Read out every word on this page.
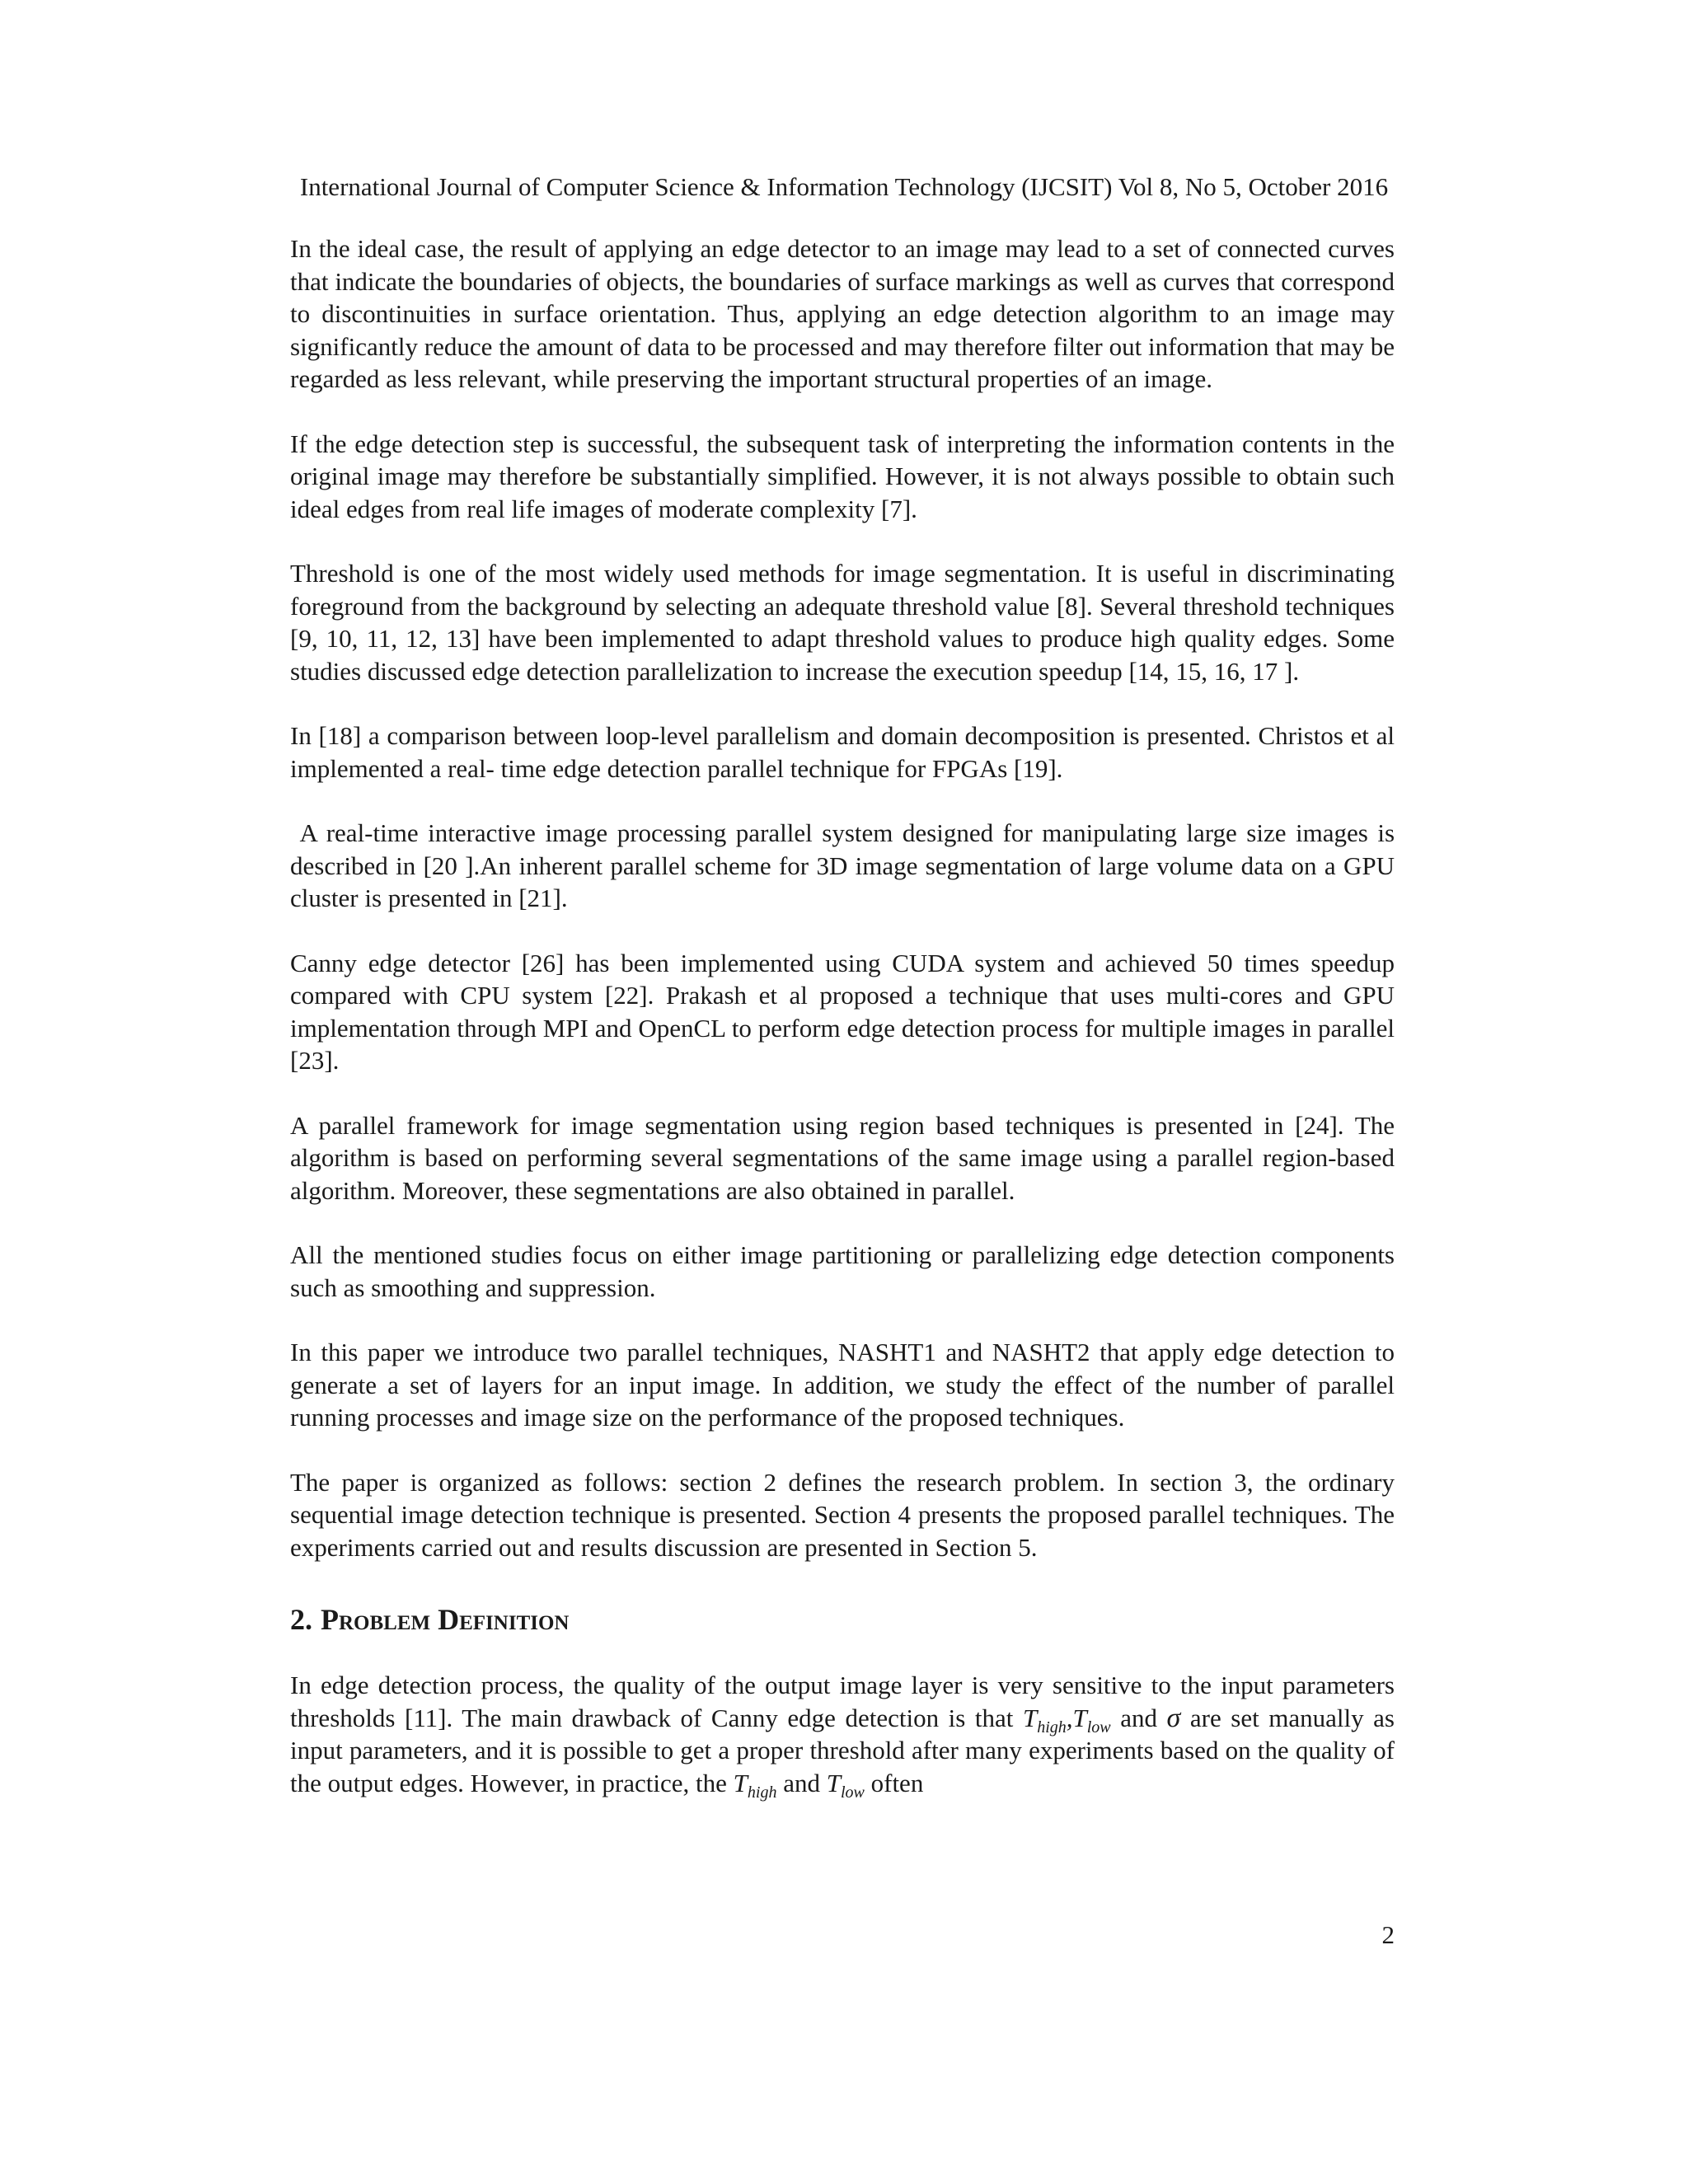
International Journal of Computer Science & Information Technology (IJCSIT) Vol 8, No 5, October 2016

In the ideal case, the result of applying an edge detector to an image may lead to a set of connected curves that indicate the boundaries of objects, the boundaries of surface markings as well as curves that correspond to discontinuities in surface orientation. Thus, applying an edge detection algorithm to an image may significantly reduce the amount of data to be processed and may therefore filter out information that may be regarded as less relevant, while preserving the important structural properties of an image.

If the edge detection step is successful, the subsequent task of interpreting the information contents in the original image may therefore be substantially simplified. However, it is not always possible to obtain such ideal edges from real life images of moderate complexity [7].

Threshold is one of the most widely used methods for image segmentation. It is useful in discriminating foreground from the background by selecting an adequate threshold value [8]. Several threshold techniques [9, 10, 11, 12, 13] have been implemented to adapt threshold values to produce high quality edges. Some studies discussed edge detection parallelization to increase the execution speedup [14, 15, 16, 17 ].

In [18] a comparison between loop-level parallelism and domain decomposition is presented. Christos et al implemented a real- time edge detection parallel technique for FPGAs [19].

A real-time interactive image processing parallel system designed for manipulating large size images is described in [20 ].An inherent parallel scheme for 3D image segmentation of large volume data on a GPU cluster is presented in [21].

Canny edge detector [26] has been implemented using CUDA system and achieved 50 times speedup compared with CPU system [22]. Prakash et al proposed a technique that uses multi-cores and GPU implementation through MPI and OpenCL to perform edge detection process for multiple images in parallel [23].

A parallel framework for image segmentation using region based techniques is presented in [24]. The algorithm is based on performing several segmentations of the same image using a parallel region-based algorithm. Moreover, these segmentations are also obtained in parallel.

All the mentioned studies focus on either image partitioning or parallelizing edge detection components such as smoothing and suppression.

In this paper we introduce two parallel techniques, NASHT1 and NASHT2 that apply edge detection to generate a set of layers for an input image. In addition, we study the effect of the number of parallel running processes and image size on the performance of the proposed techniques.

The paper is organized as follows: section 2 defines the research problem. In section 3, the ordinary sequential image detection technique is presented. Section 4 presents the proposed parallel techniques. The experiments carried out and results discussion are presented in Section 5.

2. Problem Definition

In edge detection process, the quality of the output image layer is very sensitive to the input parameters thresholds [11]. The main drawback of Canny edge detection is that $T_{high},T_{low}$ and σ are set manually as input parameters, and it is possible to get a proper threshold after many experiments based on the quality of the output edges. However, in practice, the $T_{high}$ and $T_{low}$ often

2
